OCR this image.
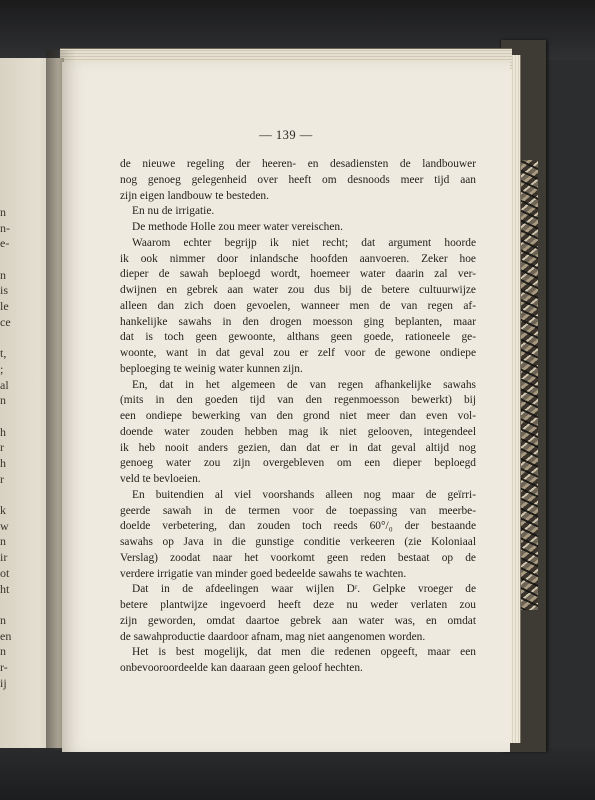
n
n-
e-
n
is
le
ce
t,
;
al
n
h
r
h
r
k
w
n
ir
ot
ht
n
en
n
r-
ij
— 139 —
de nieuwe regeling der heeren- en desadiensten de landbouwer
nog genoeg gelegenheid over heeft om desnoods meer tijd aan
zijn eigen landbouw te besteden.
En nu de irrigatie.
De methode Holle zou meer water vereischen.
Waarom echter begrijp ik niet recht; dat argument hoorde
ik ook nimmer door inlandsche hoofden aanvoeren. Zeker hoe
dieper de sawah beploegd wordt, hoemeer water daarin zal ver-
dwijnen en gebrek aan water zou dus bij de betere cultuurwijze
alleen dan zich doen gevoelen, wanneer men de van regen af-
hankelijke sawahs in den drogen moesson ging beplanten, maar
dat is toch geen gewoonte, althans geen goede, rationeele ge-
woonte, want in dat geval zou er zelf voor de gewone ondiepe
beploeging te weinig water kunnen zijn.
En, dat in het algemeen de van regen afhankelijke sawahs
(mits in den goeden tijd van den regenmoesson bewerkt) bij
een ondiepe bewerking van den grond niet meer dan even vol-
doende water zouden hebben mag ik niet gelooven, integendeel
ik heb nooit anders gezien, dan dat er in dat geval altijd nog
genoeg water zou zijn overgebleven om een dieper beploegd
veld te bevloeien.
En buitendien al viel voorshands alleen nog maar de geïrri-
geerde sawah in de termen voor de toepassing van meerbe-
doelde verbetering, dan zouden toch reeds 60°/₀ der bestaande
sawahs op Java in die gunstige conditie verkeeren (zie Koloniaal
Verslag) zoodat naar het voorkomt geen reden bestaat op de
verdere irrigatie van minder goed bedeelde sawahs te wachten.
Dat in de afdeelingen waar wijlen Dʳ. Gelpke vroeger de
betere plantwijze ingevoerd heeft deze nu weder verlaten zou
zijn geworden, omdat daartoe gebrek aan water was, en omdat
de sawahproductie daardoor afnam, mag niet aangenomen worden.
Het is best mogelijk, dat men die redenen opgeeft, maar een
onbevooroordeelde kan daaraan geen geloof hechten.
